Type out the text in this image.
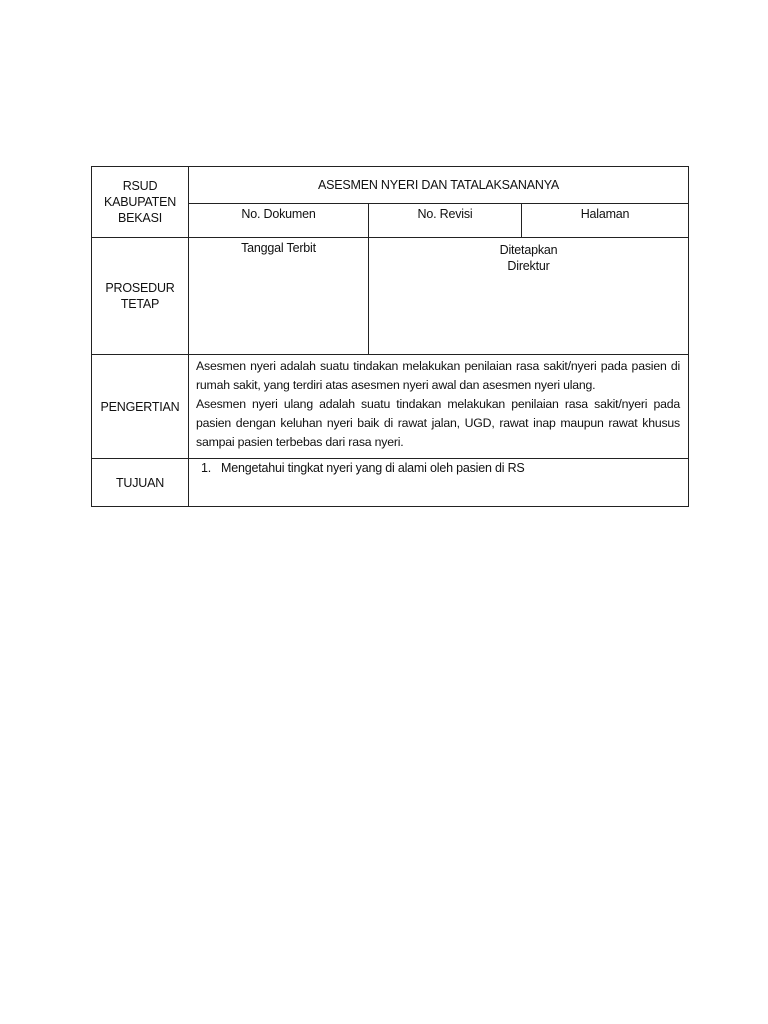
RSUD
KABUPATEN
BEKASI	ASESMEN NYERI DAN TATALAKSANANYA		
	No. Dokumen	No. Revisi	Halaman

PROSEDUR
TETAP	Tanggal Terbit	Ditetapkan
Direktur	

PENGERTIAN	Asesmen nyeri adalah suatu tindakan melakukan penilaian rasa sakit/nyeri pada pasien di rumah sakit, yang terdiri atas asesmen nyeri awal dan asesmen nyeri ulang.

Asesmen nyeri ulang adalah suatu tindakan melakukan penilaian rasa sakit/nyeri pada pasien dengan keluhan nyeri baik di rawat jalan, UGD, rawat inap maupun rawat khusus sampai pasien terbebas dari rasa nyeri.		

TUJUAN	1. Mengetahui tingkat nyeri yang di alami oleh pasien di RS		
